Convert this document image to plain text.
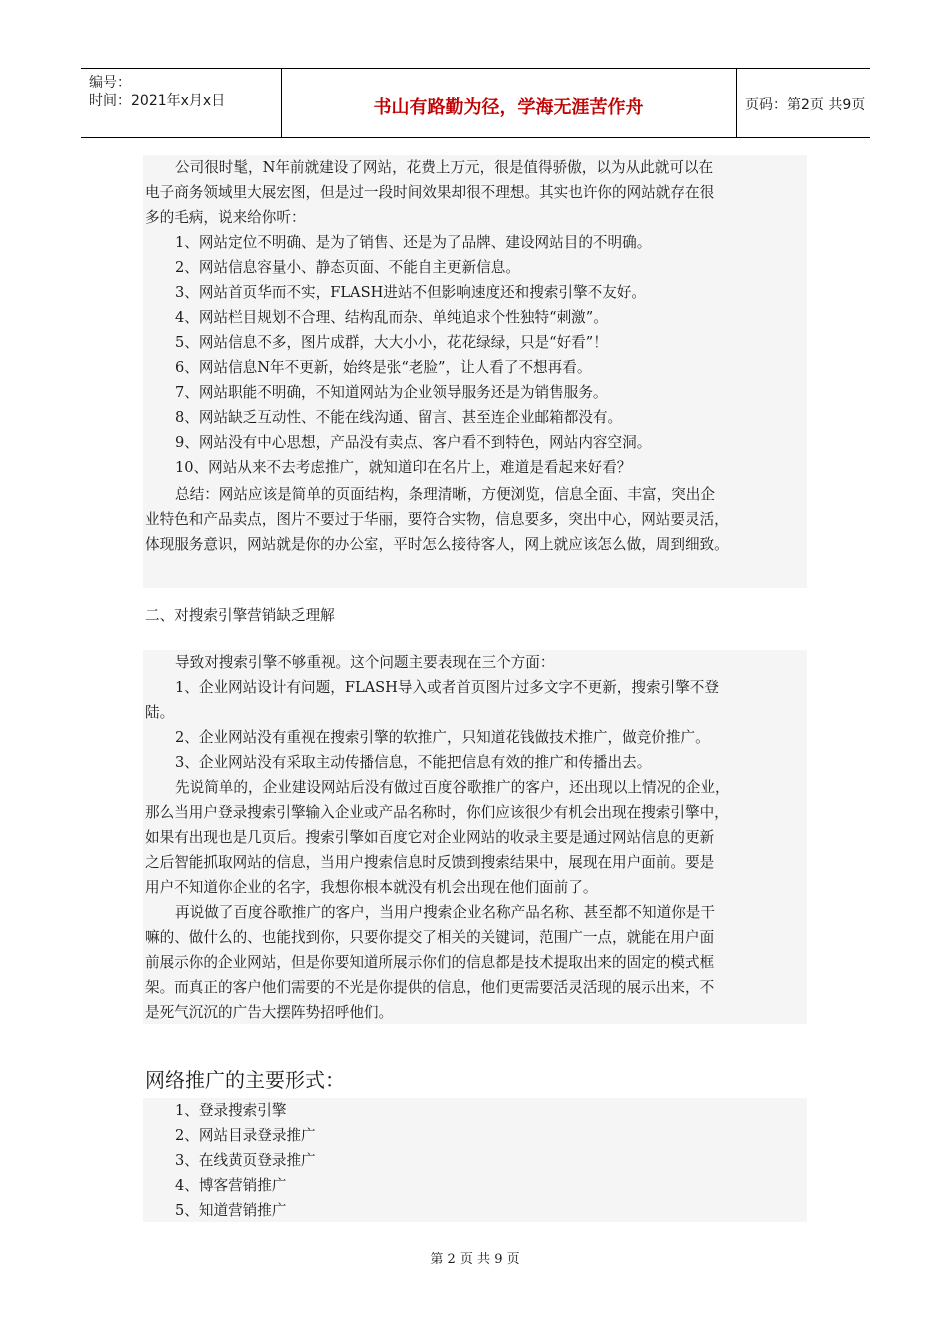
编号：
时间：2021年x月x日	书山有路勤为径，学海无涯苦作舟	页码：第2页 共9页
公司很时髦，N年前就建设了网站，花费上万元，很是值得骄傲，以为从此就可以在
电子商务领域里大展宏图，但是过一段时间效果却很不理想。其实也许你的网站就存在很
多的毛病，说来给你听：
1、网站定位不明确、是为了销售、还是为了品牌、建设网站目的不明确。
2、网站信息容量小、静态页面、不能自主更新信息。
3、网站首页华而不实，FLASH进站不但影响速度还和搜索引擎不友好。
4、网站栏目规划不合理、结构乱而杂、单纯追求个性独特“刺激”。
5、网站信息不多，图片成群，大大小小，花花绿绿，只是“好看”！
6、网站信息N年不更新，始终是张“老脸”，让人看了不想再看。
7、网站职能不明确，不知道网站为企业领导服务还是为销售服务。
8、网站缺乏互动性、不能在线沟通、留言、甚至连企业邮箱都没有。
9、网站没有中心思想，产品没有卖点、客户看不到特色，网站内容空洞。
10、网站从来不去考虑推广，就知道印在名片上，难道是看起来好看？
总结：网站应该是简单的页面结构，条理清晰，方便浏览，信息全面、丰富，突出企
业特色和产品卖点，图片不要过于华丽，要符合实物，信息要多，突出中心，网站要灵活，
体现服务意识，网站就是你的办公室，平时怎么接待客人，网上就应该怎么做，周到细致。
二、对搜索引擎营销缺乏理解
导致对搜索引擎不够重视。这个问题主要表现在三个方面：
1、企业网站设计有问题，FLASH导入或者首页图片过多文字不更新，搜索引擎不登
陆。
2、企业网站没有重视在搜索引擎的软推广，只知道花钱做技术推广，做竞价推广。
3、企业网站没有采取主动传播信息，不能把信息有效的推广和传播出去。
先说简单的，企业建设网站后没有做过百度谷歌推广的客户，还出现以上情况的企业，
那么当用户登录搜索引擎输入企业或产品名称时，你们应该很少有机会出现在搜索引擎中，
如果有出现也是几页后。搜索引擎如百度它对企业网站的收录主要是通过网站信息的更新
之后智能抓取网站的信息，当用户搜索信息时反馈到搜索结果中，展现在用户面前。要是
用户不知道你企业的名字，我想你根本就没有机会出现在他们面前了。
再说做了百度谷歌推广的客户，当用户搜索企业名称产品名称、甚至都不知道你是干
嘛的、做什么的、也能找到你，只要你提交了相关的关键词，范围广一点，就能在用户面
前展示你的企业网站，但是你要知道所展示你们的信息都是技术提取出来的固定的模式框
架。而真正的客户他们需要的不光是你提供的信息，他们更需要活灵活现的展示出来，不
是死气沉沉的广告大摆阵势招呼他们。
网络推广的主要形式：
1、登录搜索引擎
2、网站目录登录推广
3、在线黄页登录推广
4、博客营销推广
5、知道营销推广
第 2 页 共 9 页
